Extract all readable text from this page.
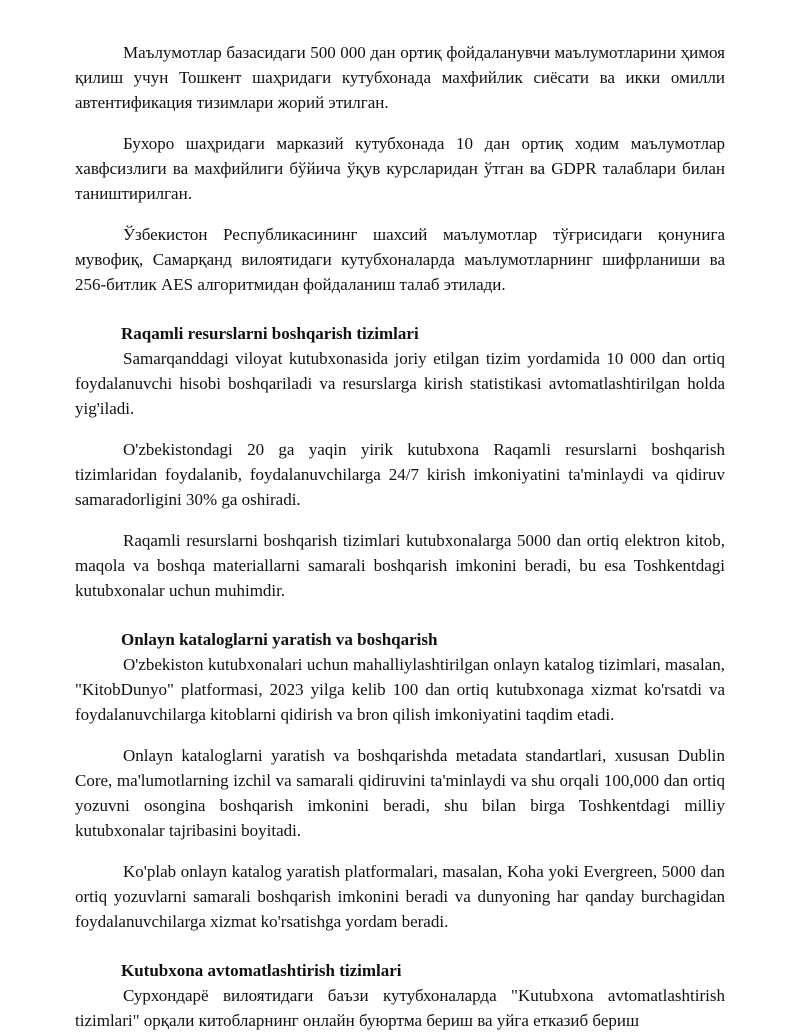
Маълумотлар базасидаги 500 000 дан ортиқ фойдаланувчи маълумотларини ҳимоя қилиш учун Тошкент шаҳридаги кутубхонада махфийлик сиёсати ва икки омилли автентификация тизимлари жорий этилган.

Бухоро шаҳридаги марказий кутубхонада 10 дан ортиқ ходим маълумотлар хавфсизлиги ва махфийлиги бўйича ўқув курсларидан ўтган ва GDPR талаблари билан таништирилган.

Ўзбекистон Республикасининг шахсий маълумотлар тўғрисидаги қонунига мувофиқ, Самарқанд вилоятидаги кутубхоналарда маълумотларнинг шифрланиши ва 256-битлик AES алгоритмидан фойдаланиш талаб этилади.

Raqamli resurslarni boshqarish tizimlari

Samarqanddagi viloyat kutubxonasida joriy etilgan tizim yordamida 10 000 dan ortiq foydalanuvchi hisobi boshqariladi va resurslarga kirish statistikasi avtomatlashtirilgan holda yig'iladi.

O'zbekistondagi 20 ga yaqin yirik kutubxona Raqamli resurslarni boshqarish tizimlaridan foydalanib, foydalanuvchilarga 24/7 kirish imkoniyatini ta'minlaydi va qidiruv samaradorligini 30% ga oshiradi.

Raqamli resurslarni boshqarish tizimlari kutubxonalarga 5000 dan ortiq elektron kitob, maqola va boshqa materiallarni samarali boshqarish imkonini beradi, bu esa Toshkentdagi kutubxonalar uchun muhimdir.

Onlayn kataloglarni yaratish va boshqarish

O'zbekiston kutubxonalari uchun mahalliylashtirilgan onlayn katalog tizimlari, masalan, "KitobDunyo" platformasi, 2023 yilga kelib 100 dan ortiq kutubxonaga xizmat ko'rsatdi va foydalanuvchilarga kitoblarni qidirish va bron qilish imkoniyatini taqdim etadi.

Onlayn kataloglarni yaratish va boshqarishda metadata standartlari, xususan Dublin Core, ma'lumotlarning izchil va samarali qidiruvini ta'minlaydi va shu orqali 100,000 dan ortiq yozuvni osongina boshqarish imkonini beradi, shu bilan birga Toshkentdagi milliy kutubxonalar tajribasini boyitadi.

Ko'plab onlayn katalog yaratish platformalari, masalan, Koha yoki Evergreen, 5000 dan ortiq yozuvlarni samarali boshqarish imkonini beradi va dunyoning har qanday burchagidan foydalanuvchilarga xizmat ko'rsatishga yordam beradi.

Kutubxona avtomatlashtirish tizimlari

Сурхондарё вилоятидаги баъзи кутубхоналарда "Kutubxona avtomatlashtirish tizimlari" орқали китобларнинг онлайн буюртма бериш ва уйга етказиб бериш
